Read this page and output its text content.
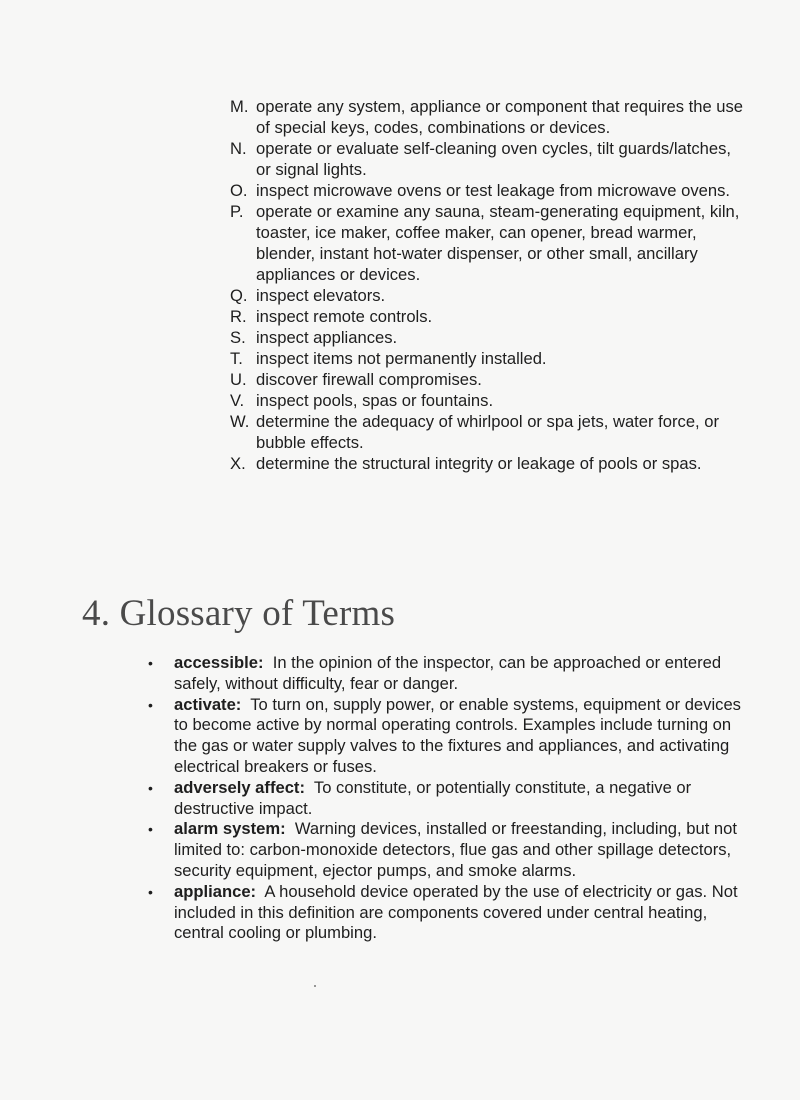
M. operate any system, appliance or component that requires the use of special keys, codes, combinations or devices.
N. operate or evaluate self-cleaning oven cycles, tilt guards/latches, or signal lights.
O. inspect microwave ovens or test leakage from microwave ovens.
P. operate or examine any sauna, steam-generating equipment, kiln, toaster, ice maker, coffee maker, can opener, bread warmer, blender, instant hot-water dispenser, or other small, ancillary appliances or devices.
Q. inspect elevators.
R. inspect remote controls.
S. inspect appliances.
T. inspect items not permanently installed.
U. discover firewall compromises.
V. inspect pools, spas or fountains.
W. determine the adequacy of whirlpool or spa jets, water force, or bubble effects.
X. determine the structural integrity or leakage of pools or spas.
4. Glossary of Terms
•	accessible: In the opinion of the inspector, can be approached or entered safely, without difficulty, fear or danger.
•	activate: To turn on, supply power, or enable systems, equipment or devices to become active by normal operating controls. Examples include turning on the gas or water supply valves to the fixtures and appliances, and activating electrical breakers or fuses.
•	adversely affect: To constitute, or potentially constitute, a negative or destructive impact.
•	alarm system: Warning devices, installed or freestanding, including, but not limited to: carbon-monoxide detectors, flue gas and other spillage detectors, security equipment, ejector pumps, and smoke alarms.
•	appliance: A household device operated by the use of electricity or gas. Not included in this definition are components covered under central heating, central cooling or plumbing.
